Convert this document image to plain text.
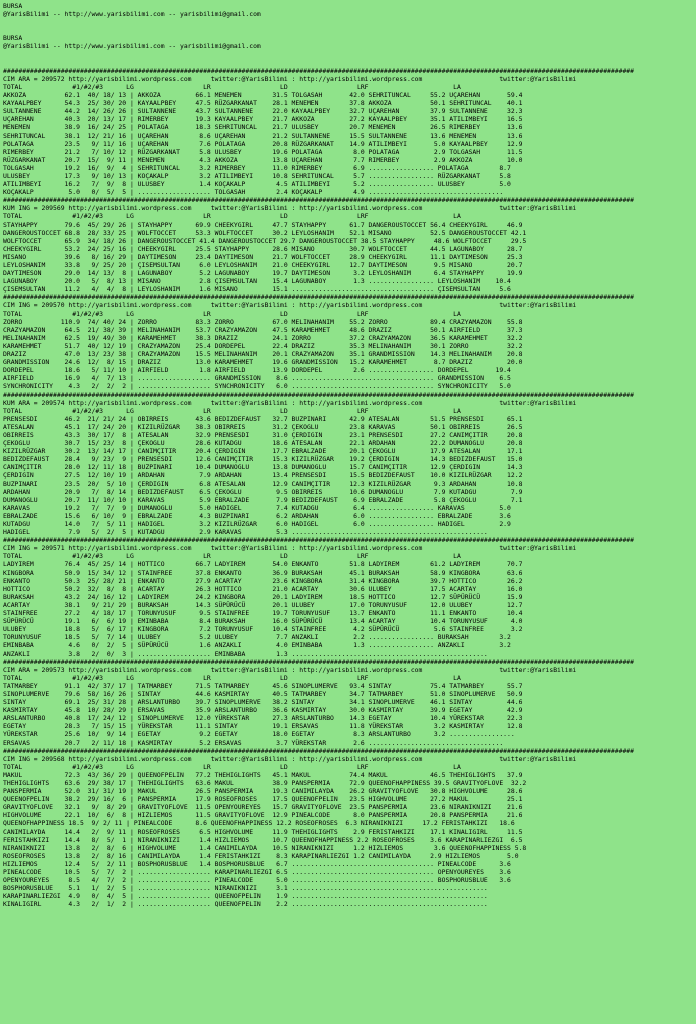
BURSA
@YarisBilimi -- http://www.yarisbilimi.com -- yarisbilimi@gmail.com

BURSA
@YarisBilimi -- http://www.yarisbilimi.com -- yarisbilimi@gmail.com

####################################################################################################################################################################
CIM ARA = 209572 http://yarisbilimi.wordpress.com     twitter:@YarisBilimi : http://yarisbilimi.wordpress.com                    twitter:@YarisBilimi
TOTAL             #1/#2/#3      LG                  LR                  LD                  LRF                      LA
AKKOZA          62.1  40/ 18/ 13 | AKKOZA         66.1 MENEMEN        31.5 TOLGASAH       42.0 SEHRITUNCAL     55.2 UÇAREHAN       59.4
KAYAALPBEY      54.3  25/ 30/ 20 | KAYAALPBEY     47.5 RÜZGARKANAT    28.1 MENEMEN        37.8 AKKOZA          50.1 SEHRITUNCAL    40.1
SULTANNENE      44.2  14/ 26/ 26 | SULTANNENE     43.7 SULTANNENE     22.0 KAYAALPBEY     32.7 UÇAREHAN        37.9 SULTANNENE     32.3
UÇAREHAN        40.3  20/ 13/ 17 | RIMERBEY       19.3 KAYAALPBEY     21.7 AKKOZA         27.2 KAYAALPBEY      35.1 ATILIMBEYI     16.5
MENEMEN         38.9  16/ 24/ 25 | POLATAGA       18.3 SEHRITUNCAL    21.7 ULUSBEY        20.7 MENEMEN         26.5 RIMERBEY       13.6
SEHRITUNCAL     38.1  12/ 21/ 16 | UÇAREHAN        8.6 UÇAREHAN       21.2 SULTANNENE     15.5 SULTANNENE      13.6 MENEMEN        13.6
POLATAGA        23.5   9/ 11/ 16 | UÇAREHAN        7.6 POLATAGA       20.8 RÜZGARKANAT    14.9 ATILIMBEYI       5.0 KAYAALPBEY     12.9
RIMERBEY        21.2   7/ 10/ 12 | RÜZGARKANAT     5.8 ULUSBEY        19.6 POLATAGA        8.0 POLATAGA         2.9 TOLGASAH       11.5
RÜZGARKANAT     20.7  15/  9/ 11 | MENEMEN         4.3 AKKOZA         13.8 UÇAREHAN        7.7 RIMERBEY         2.9 AKKOZA         10.0
TOLGASAH        19.2  16/  9/  4 | SEHRITUNCAL     3.2 RIMERBEY       11.0 RIMERBEY        6.9 ................. POLATAGA        8.7
ULUSBEY         17.3   9/ 10/ 13 | KOÇAKALP        3.2 ATILIMBEYI     10.8 SEHRITUNCAL     5.7 ................. RÜZGARKANAT     5.8
ATILIMBEYI      16.2   7/  9/  8 | ULUSBEY         1.4 KOÇAKALP        4.5 ATILIMBEYI      5.2 ................. ULUSBEY         5.0
KOÇAKALP         5.0   0/  5/  5 | ................... TOLGASAH        2.4 KOÇAKALP        4.9 ...................................
####################################################################################################################################################################
KUM ING = 209569 http://yarisbilimi.wordpress.com     twitter:@YarisBilimi : http://yarisbilimi.wordpress.com                    twitter:@YarisBilimi
TOTAL             #1/#2/#3      LG                  LR                  LD                  LRF                      LA
STAYHAPPY       79.6  45/ 29/ 26 | STAYHAPPY      69.9 CHEEKYGIRL     47.7 STAYHAPPY      61.7 DANGEROUSTOCCET 56.4 CHEEKYGIRL     46.9
DANGEROUSTOCCET 68.8  28/ 33/ 25 | WOLFTOCCET     53.3 WOLFTOCCET     30.2 LEYLOSHANIM    52.1 MISANO          52.5 DANGEROUSTOCCET 42.1
WOLFTOCCET      65.9  34/ 18/ 26 | DANGEROUSTOCCET 41.4 DANGEROUSTOCCET 29.7 DANGEROUSTOCCET 38.5 STAYHAPPY     48.6 WOLFTOCCET     29.5
CHEEKYGIRL      53.2  24/ 25/ 16 | CHEEKYGIRL     25.5 STAYHAPPY      28.6 MISANO         30.7 WOLFTOCCET      44.5 LAGUNABOY      28.7
MISANO          39.6   8/ 16/ 29 | DAYTIMESON     23.4 DAYTIMESON     21.7 WOLFTOCCET     28.9 CHEEKYGIRL      11.1 DAYTIMESON     25.3
LEYLOSHANIM     33.8   9/ 25/ 20 | ÇISEMSULTAN     6.0 LEYLOSHANIM    21.0 CHEEKYGIRL     12.7 DAYTIMESON       9.5 MISANO         20.7
DAYTIMESON      29.0  14/ 13/  8 | LAGUNABOY       5.2 LAGUNABOY      19.7 DAYTIMESON      3.2 LEYLOSHANIM      6.4 STAYHAPPY      19.9
LAGUNABOY       20.0   5/  8/ 13 | MISANO          2.8 ÇISEMSULTAN    15.4 LAGUNABOY       1.3 ................. LEYLOSHANIM    10.4
ÇISEMSULTAN     11.2   4/  4/  8 | LEYLOSHANIM     1.6 MISANO         15.1 ..................................... ÇISEMSULTAN     5.6
####################################################################################################################################################################
CIM ING = 209570 http://yarisbilimi.wordpress.com     twitter:@YarisBilimi : http://yarisbilimi.wordpress.com                    twitter:@YarisBilimi
TOTAL             #1/#2/#3      LG                  LR                  LD                  LRF                      LA
ZORRO          110.9  74/ 40/ 24 | ZORRO          83.3 ZORRO          67.0 MELINAHANIM    55.2 ZORRO           89.4 CRAZYAMAZON    55.8
CRAZYAMAZON     64.5  21/ 38/ 39 | MELINAHANIM    53.7 CRAZYAMAZON    47.5 KARAMEHMET     48.6 DRAZIZ          50.1 AIRFIELD       37.3
MELINAHANIM     62.5  19/ 49/ 30 | KARAMEHMET     38.3 DRAZIZ         24.1 ZORRO          37.2 CRAZYAMAZON     36.5 KARAMEHMET     32.2
KARAMEHMET      51.7  40/ 12/ 19 | CRAZYAMAZON    25.4 DORDEPEL       22.4 DRAZIZ         35.3 MELINAHANIM     30.1 ZORRO          32.2
DRAZIZ          47.0  13/ 23/ 38 | CRAZYAMAZON    15.5 MELINAHANIM    20.1 CRAZYAMAZON    35.1 GRANDMISSION    14.3 MELINAHANIM    20.8
GRANDMISSION    24.6  12/  8/ 15 | DRAZIZ         13.0 KARAMEHMET     19.6 GRANDMISSION   15.2 KARAMEHMET       8.7 DRAZIZ         20.0
DORDEPEL        18.6   5/ 11/ 10 | AIRFIELD        1.8 AIRFIELD       13.9 DORDEPEL        2.6 ................. DORDEPEL       19.4
AIRFIELD        16.9   4/  7/ 13 | ................... GRANDMISSION    8.6 ..................................... GRANDMISSION    6.5
SYNCHRONICITY    4.3   2/  2/  2 | ................... SYNCHRONICITY   6.0 ..................................... SYNCHRONICITY   5.0
####################################################################################################################################################################
KUM ARA = 209574 http://yarisbilimi.wordpress.com     twitter:@YarisBilimi : http://yarisbilimi.wordpress.com                    twitter:@YarisBilimi
TOTAL             #1/#2/#3      LG                  LR                  LD                  LRF                      LA
PRENSESDI       46.2  21/ 21/ 24 | OBIRREIS       43.6 BEDIZDEFAUST   32.7 BUZPINARI      42.9 ATESALAN        51.5 PRENSESDI      65.1
ATESALAN        45.1  17/ 24/ 20 | KIZILRÜZGAR    38.3 OBIRREIS       31.2 ÇEKOGLU        23.8 KARAVAS         50.1 OBIRREIS       26.5
OBIRREIS        43.3  30/ 17/  8 | ATESALAN       32.9 PRENSESDI      31.0 ÇERDIGIN       23.1 PRENSESDI       27.2 CANIMÇITIR     20.8
ÇEKOGLU         30.7  15/ 23/  8 | ÇEKOGLU        28.6 KUTADGU        18.6 ATESALAN       22.1 ARDAHAN         22.2 DUMANOGLU      20.8
KIZILRÜZGAR     30.2  13/ 14/ 17 | CANIMÇITIR     20.4 ÇERDIGIN       17.7 EBRALZADE      20.1 ÇEKOGLU         17.9 ATESALAN       17.1
BEDIZDEFAUST    28.4   9/ 23/  9 | PRENSESDI      12.6 CANIMÇITIR     15.3 KIZILRÜZGAR    19.2 ÇERDIGIN        14.3 BEDIZDEFAUST   15.0
CANIMÇITIR      28.0  12/ 11/ 18 | BUZPINARI      10.4 DUMANOGLU      13.8 DUMANOGLU      15.7 CANIMÇITIR      12.9 ÇERDIGIN       14.3
ÇERDIGIN        27.5  12/ 10/ 19 | ARDAHAN         7.9 ARDAHAN        13.4 PRENSESDI      15.5 BEDIZDEFAUST    10.0 KIZILRÜZGAR    12.2
BUZPINARI       23.5  20/  5/ 10 | ÇERDIGIN        6.8 ATESALAN       12.9 CANIMÇITIR     12.3 KIZILRÜZGAR      9.3 ARDAHAN        10.8
ARDAHAN         20.9   7/  8/ 14 | BEDIZDEFAUST    6.5 ÇEKOGLU         9.5 OBIRREIS       10.6 DUMANOGLU        7.9 KUTADGU         7.9
DUMANOGLU       20.7  11/ 10/ 10 | KARAVAS         5.9 EBRALZADE       7.9 BEDIZDEFAUST    6.9 EBRALZADE        5.8 ÇEKOGLU         7.1
KARAVAS         19.2   7/  7/  9 | DUMANOGLU       5.0 HADIGEL         7.4 KUTADGU         6.4 ................. KARAVAS         5.0
EBRALZADE       15.6   6/ 10/  9 | EBRALZADE       4.3 BUZPINARI       6.2 ARDAHAN         6.0 ................. EBRALZADE       3.6
KUTADGU         14.0   7/  5/ 11 | HADIGEL         3.2 KIZILRÜZGAR     6.0 HADIGEL         6.0 ................. HADIGEL         2.9
HADIGEL          7.9   5/  2/  5 | KUTADGU         2.9 KARAVAS         5.3 ...................................................
####################################################################################################################################################################
CIM ING = 209571 http://yarisbilimi.wordpress.com     twitter:@YarisBilimi : http://yarisbilimi.wordpress.com                    twitter:@YarisBilimi
TOTAL             #1/#2/#3      LG                  LR                  LD                  LRF                      LA
LADYIREM        76.4  45/ 25/ 14 | HOTTICO        66.7 LADYIREM       54.0 ENKANTO        51.8 LADYIREM        61.2 LADYIREM       70.7
KINGBORA        50.9  15/ 34/ 12 | STAINFREE      37.8 ENKANTO        36.9 BURAKSAH       45.1 BURAKSAH        58.9 KINGBORA       63.6
ENKANTO         50.3  25/ 28/ 21 | ENKANTO        27.9 ACARTAY        23.6 KINGBORA       31.4 KINGBORA        39.7 HOTTICO        26.2
HOTTICO         50.2  32/  8/  8 | ACARTAY        26.3 HOTTICO        21.0 ACARTAY        30.6 ULUBEY          17.5 ACARTAY        16.0
BURAKSAH        43.2  24/ 16/ 12 | LADYIREM       24.2 KINGBORA       20.1 LADYIREM       18.5 HOTTICO         12.7 SÜPÜRÜCÜ       15.9
ACARTAY         38.1   9/ 21/ 29 | BURAKSAH       14.3 SÜPÜRÜCÜ       20.1 ULUBEY         17.0 TORUNYUSUF      12.0 ULUBEY         12.7
STAINFREE       27.2   4/ 18/ 17 | TORUNYUSUF      9.5 STAINFREE      19.7 TORUNYUSUF     13.7 ENKANTO         11.1 ENKANTO        10.4
SÜPÜRÜCÜ        19.1   6/  6/ 19 | EMINBABA        8.4 BURAKSAH       16.0 SÜPÜRÜCÜ       13.4 ACARTAY         10.4 TORUNYUSUF      4.0
ULUBEY          18.8   5/  6/ 17 | KINGBORA        7.2 TORUNYUSUF     10.4 STAINFREE       4.2 SÜPÜRÜCÜ         5.6 STAINFREE       3.2
TORUNYUSUF      18.5   5/  7/ 14 | ULUBEY          5.2 ULUBEY          7.7 ANZAKLI         2.2 ................. BURAKSAH        3.2
EMINBABA         4.6   0/  2/  5 | SÜPÜRÜCÜ        1.6 ANZAKLI         4.0 EMINBABA        1.3 ................. ANZAKLI         3.2
ANZAKLI          3.8   2/  0/  3 | ................... EMINBABA        1.3 ...................................................
####################################################################################################################################################################
CIM ARA = 209573 http://yarisbilimi.wordpress.com     twitter:@YarisBilimi : http://yarisbilimi.wordpress.com                    twitter:@YarisBilimi
TOTAL             #1/#2/#3      LG                  LR                  LD                  LRF                      LA
TATMARBEY       91.1  42/ 37/ 17 | TATMARBEY      71.5 TATMARBEY      45.6 SINOPLUMERVE   93.4 SINTAY          75.4 TATMARBEY      55.7
SINOPLUMERVE    79.6  58/ 16/ 26 | SINTAY         44.6 KASMIRTAY      40.5 TATMARBEY      34.7 TATMARBEY       51.0 SINOPLUMERVE   50.9
SINTAY          69.1  25/ 31/ 28 | ARSLANTURBO    39.7 SINOPLUMERVE   38.2 SINTAY         34.1 SINOPLUMERVE    46.1 SINTAY         44.6
KASMIRTAY       45.8  10/ 28/ 29 | ERSAVAS        35.9 ARSLANTURBO    36.6 KASMIRTAY      30.0 KASMIRTAY       39.9 EGETAY         42.9
ARSLANTURBO     40.8  17/ 24/ 12 | SINOPLUMERVE   12.0 YÜREKSTAR      27.3 ARSLANTURBO    14.3 EGETAY          10.4 YÜREKSTAR      22.3
EGETAY          28.3   7/ 15/ 15 | YÜREKSTAR      11.1 SINTAY         19.1 ERSAVAS        11.8 YÜREKSTAR        3.2 KASMIRTAY      12.8
YÜREKSTAR       25.6  10/  9/ 14 | EGETAY          9.2 EGETAY         18.0 EGETAY          8.3 ARSLANTURBO      3.2 .................
ERSAVAS         20.7   2/ 11/ 18 | KASMIRTAY       5.2 ERSAVAS         3.7 YÜREKSTAR       2.6 ...................................
####################################################################################################################################################################
CIM ING = 209568 http://yarisbilimi.wordpress.com     twitter:@YarisBilimi : http://yarisbilimi.wordpress.com                    twitter:@YarisBilimi
TOTAL             #1/#2/#3      LG                  LR                  LD                  LRF                      LA
MAKUL           72.3  43/ 36/ 29 | QUEENOFPELIN   77.2 THEHIGLIGHTS   45.1 MAKUL          74.4 MAKUL           46.5 THEHIGLIGHTS   37.9
THEHIGLIGHTS    63.6  29/ 38/ 17 | THEHIGLIGHTS   63.6 MAKUL          38.9 PANSPERMIA     72.9 QUEENOFHAPPINESS 39.5 GRAVITYOFLOVE  32.2
PANSPERMIA      52.0  31/ 31/ 19 | MAKUL          26.5 PANSPERMIA     19.3 CANIMILAYDA    26.2 GRAVITYOFLOVE   30.8 HIGHVOLUME     28.6
QUEENOFPELIN    38.2  29/ 16/  6 | PANSPERMIA     17.9 ROSEOFROSES    17.5 QUEENOFPELIN   23.5 HIGHVOLUME      27.2 MAKUL          25.1
GRAVITYOFLOVE   32.1   9/  8/ 29 | GRAVITYOFLOVE  11.5 OPENYOUREYES   15.7 GRAVITYOFLOVE  23.5 PANSPERMIA      23.6 NIRANIKNIZI    21.6
HIGHVOLUME      22.1  10/  6/  8 | HIZLIEMOS      11.5 GRAVITYOFLOVE  12.9 PINEALCODE      8.0 PANSPERMIA      20.8 PANSPERMIA     21.6
QUEENOFHAPPINESS 18.5  9/ 2/ 11 | PINEALCODE      8.6 QUEENOFHAPPINESS 12.2 ROSEOFROSES  6.3 NIRANIKNIZI     17.2 FERISTAHKIZI   18.6
CANIMILAYDA     14.4   2/  9/ 11 | ROSEOFROSES     6.5 HIGHVOLUME     11.9 THEHIGLIGHTS    2.9 FERISTAHKIZI    17.1 KINALIGIRL     11.5
FERISTAHKIZI    14.4   8/  5/  1 | NIRANIKNIZI     1.4 HIZLIEMOS      10.7 QUEENOFHAPPINESS 2.2 ROSEOFROSES    3.6 KARAPINARLIEZGI  6.5
NIRANIKNIZI     13.8   2/  8/  6 | HIGHVOLUME      1.4 CANIMILAYDA    10.5 NIRANIKNIZI     1.2 HIZLIEMOS        3.6 QUEENOFHAPPINESS 5.8
ROSEOFROSES     13.8   2/  8/ 16 | CANIMILAYDA     1.4 FERISTAHKIZI    8.3 KARAPINARLIEZGI 1.2 CANIMILAYDA     2.9 HIZLIEMOS       5.0
HIZLIEMOS       12.4   5/  2/ 11 | BOSPHORUSBLUE   1.4 BOSPHORUSBLUE   6.7 ..................................... PINEALCODE      3.6
PINEALCODE      10.5   5/  7/  2 | ................... KARAPINARLIEZGI 6.5 ..................................... OPENYOUREYES    3.6
OPENYOUREYES     8.5   4/  7/  2 | ................... PINEALCODE      5.0 ..................................... BOSPHORUSBLUE   3.6
BOSPHORUSBLUE    5.1   1/  2/  5 | ................... NIRANIKNIZI     3.1 ...................................................
KARAPINARLIEZGI  4.9   0/  4/  5 | ................... QUEENOFPELIN    1.9 ...................................................
KINALIGIRL       4.3   2/  1/  2 | ................... QUEENOFPELIN    2.2 ...................................................
